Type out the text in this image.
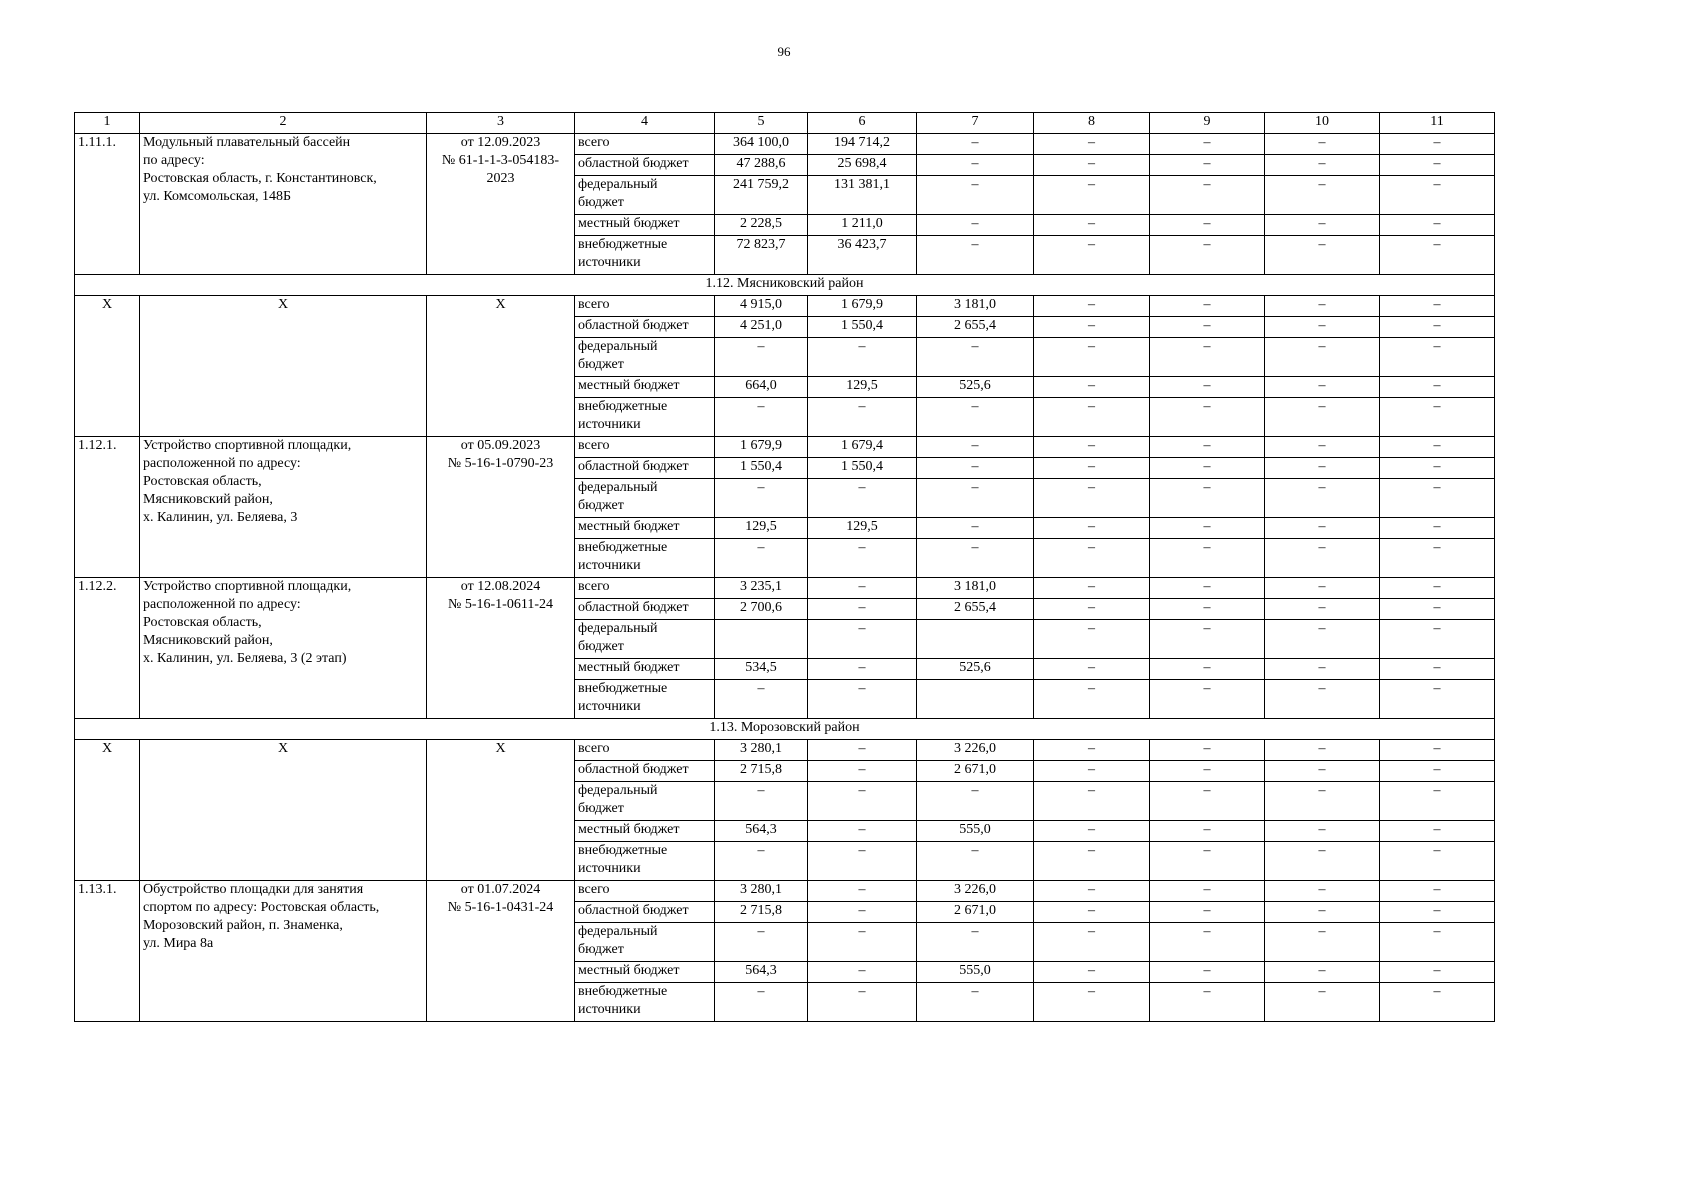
96
1	2	3	4	5	6	7	8	9	10	11
1.11.1.	Модульный плавательный бассейн
по адресу:
Ростовская область, г. Константиновск,
ул. Комсомольская, 148Б	от 12.09.2023
№ 61-1-1-3-054183-
2023	всего	364 100,0	194 714,2	–	–	–	–	–
			областной бюджет	47 288,6	25 698,4	–	–	–	–	–
			федеральный
бюджет	241 759,2	131 381,1	–	–	–	–	–
			местный бюджет	2 228,5	1 211,0	–	–	–	–	–
			внебюджетные
источники	72 823,7	36 423,7	–	–	–	–	–
1.12. Мясниковский район										
X	X	X	всего	4 915,0	1 679,9	3 181,0	–	–	–	–
			областной бюджет	4 251,0	1 550,4	2 655,4	–	–	–	–
			федеральный
бюджет	–	–	–	–	–	–	–
			местный бюджет	664,0	129,5	525,6	–	–	–	–
			внебюджетные
источники	–	–	–	–	–	–	–
1.12.1.	Устройство спортивной площадки,
расположенной по адресу:
Ростовская область,
Мясниковский район,
х. Калинин, ул. Беляева, 3	от 05.09.2023
№ 5-16-1-0790-23	всего	1 679,9	1 679,4	–	–	–	–	–
			областной бюджет	1 550,4	1 550,4	–	–	–	–	–
			федеральный
бюджет	–	–	–	–	–	–	–
			местный бюджет	129,5	129,5	–	–	–	–	–
			внебюджетные
источники	–	–	–	–	–	–	–
1.12.2.	Устройство спортивной площадки,
расположенной по адресу:
Ростовская область,
Мясниковский район,
х. Калинин, ул. Беляева, 3 (2 этап)	от 12.08.2024
№ 5-16-1-0611-24	всего	3 235,1	–	3 181,0	–	–	–	–
			областной бюджет	2 700,6	–	2 655,4	–	–	–	–
			федеральный
бюджет		–		–	–	–	–
			местный бюджет	534,5	–	525,6	–	–	–	–
			внебюджетные
источники	–	–		–	–	–	–
1.13. Морозовский район										
X	X	X	всего	3 280,1	–	3 226,0	–	–	–	–
			областной бюджет	2 715,8	–	2 671,0	–	–	–	–
			федеральный
бюджет	–	–	–	–	–	–	–
			местный бюджет	564,3	–	555,0	–	–	–	–
			внебюджетные
источники	–	–	–	–	–	–	–
1.13.1.	Обустройство площадки для занятия
спортом по адресу: Ростовская область,
Морозовский район, п. Знаменка,
ул. Мира 8а	от 01.07.2024
№ 5-16-1-0431-24	всего	3 280,1	–	3 226,0	–	–	–	–
			областной бюджет	2 715,8	–	2 671,0	–	–	–	–
			федеральный
бюджет	–	–	–	–	–	–	–
			местный бюджет	564,3	–	555,0	–	–	–	–
			внебюджетные
источники	–	–	–	–	–	–	–
